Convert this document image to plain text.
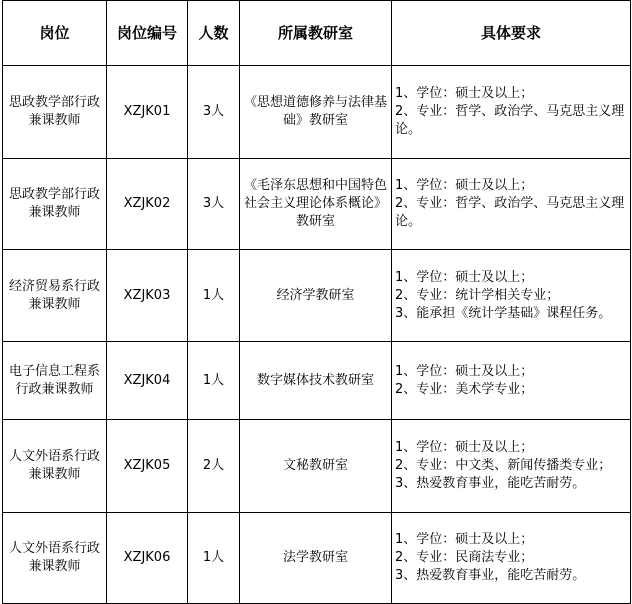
岗位	岗位编号	人数	所属教研室	具体要求
思政教学部行政兼课教师	XZJK01	3人	《思想道德修养与法律基础》教研室	1、学位：硕士及以上；
2、专业：哲学、政治学、马克思主义理论。

思政教学部行政兼课教师	XZJK02	3人	《毛泽东思想和中国特色社会主义理论体系概论》教研室	1、学位：硕士及以上；
2、专业：哲学、政治学、马克思主义理论。

经济贸易系行政兼课教师	XZJK03	1人	经济学教研室	1、学位：硕士及以上；
2、专业：统计学相关专业；
3、能承担《统计学基础》课程任务。

电子信息工程系行政兼课教师	XZJK04	1人	数字媒体技术教研室	1、学位：硕士及以上；
2、专业：美术学专业；

人文外语系行政兼课教师	XZJK05	2人	文秘教研室	1、学位：硕士及以上；
2、专业：中文类、新闻传播类专业；
3、热爱教育事业，能吃苦耐劳。

人文外语系行政兼课教师	XZJK06	1人	法学教研室	1、学位：硕士及以上；
2、专业：民商法专业；
3、热爱教育事业，能吃苦耐劳。
